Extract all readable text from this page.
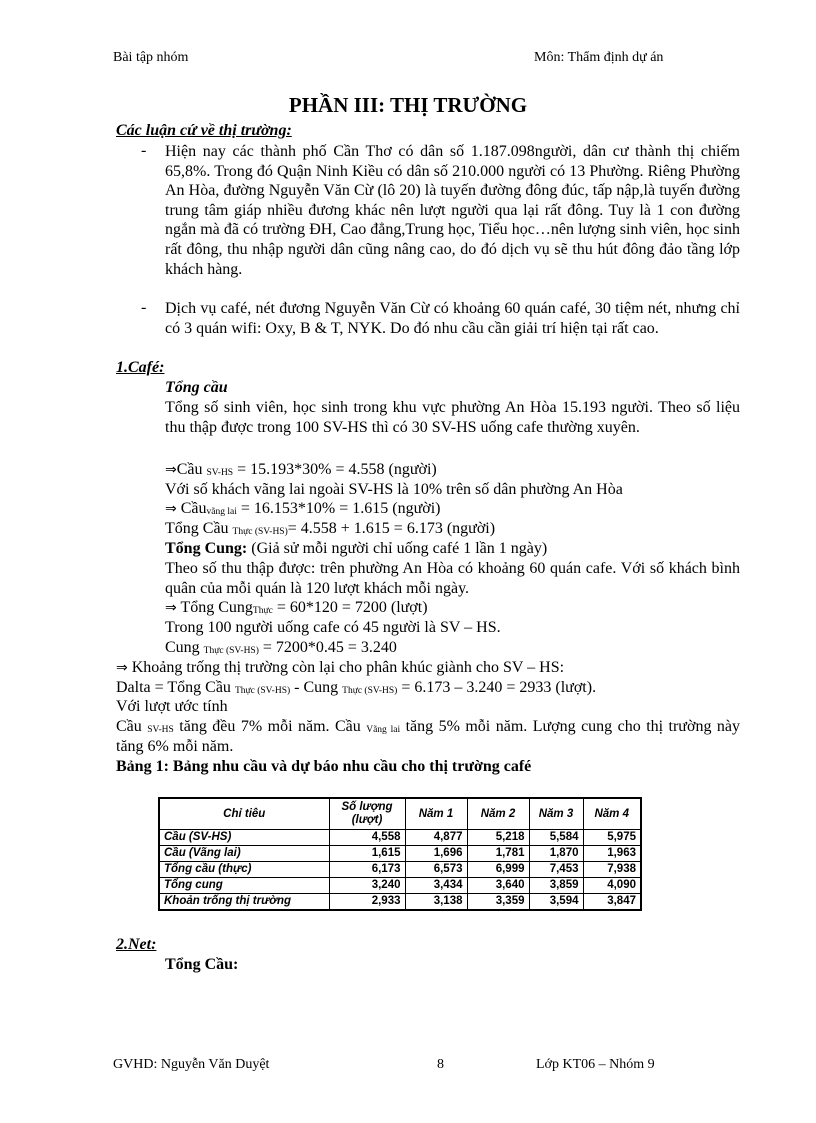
Bài tập nhóm	Môn: Thẩm định dự án
PHẦN III: THỊ TRƯỜNG
Các luận cứ về thị trường:
- Hiện nay các thành phố Cần Thơ có dân số 1.187.098người, dân cư thành thị chiếm 65,8%. Trong đó Quận Ninh Kiều có dân số 210.000 người có 13 Phường. Riêng Phường An Hòa, đường Nguyễn Văn Cừ (lô 20) là tuyến đường đông đúc, tấp nập,là tuyến đường trung tâm giáp nhiều đương khác nên lượt người qua lại rất đông. Tuy là 1 con đường ngắn mà đã có trường ĐH, Cao đẳng,Trung học, Tiểu học…nên lượng sinh viên, học sinh rất đông, thu nhập người dân cũng nâng cao, do đó dịch vụ sẽ thu hút đông đảo tầng lớp khách hàng.
- Dịch vụ café, nét đương Nguyễn Văn Cừ có khoảng 60 quán café, 30 tiệm nét, nhưng chỉ có 3 quán wifi: Oxy, B & T, NYK. Do đó nhu cầu cần giải trí hiện tại rất cao.
1.Café:
Tổng cầu
Tổng số sinh viên, học sinh trong khu vực phường An Hòa 15.193 người. Theo số liệu thu thập được trong 100 SV-HS thì có 30 SV-HS uống cafe thường xuyên.
⇒Cầu $_{SV-HS}$ = 15.193*30% = 4.558 (người)
Với số khách vãng lai ngoài SV-HS là 10% trên số dân phường An Hòa
⇒ Cầu$_{vãng lai}$ = 16.153*10% = 1.615 (người)
Tổng Cầu $_{Thực (SV-HS)}$= 4.558 + 1.615 = 6.173 (người)
Tổng Cung: (Giả sử mỗi người chỉ uống café 1 lần 1 ngày)
Theo số thu thập được: trên phường An Hòa có khoảng 60 quán cafe. Với số khách bình quân của mỗi quán là 120 lượt khách mỗi ngày.
⇒ Tổng Cung$_{Thực}$ = 60*120 = 7200 (lượt)
Trong 100 người uống cafe có 45 người là SV – HS.
Cung $_{Thực (SV-HS)}$ = 7200*0.45 = 3.240
⇒ Khoảng trống thị trường còn lại cho phân khúc giành cho SV – HS:
Dalta = Tổng Cầu $_{Thực (SV-HS)}$ - Cung $_{Thực (SV-HS)}$ = 6.173 – 3.240 = 2933 (lượt).
Với lượt ước tính
Cầu $_{SV-HS}$ tăng đều 7% mỗi năm. Cầu $_{Vãng lai}$ tăng 5% mỗi năm. Lượng cung cho thị trường này tăng 6% mỗi năm.
Bảng 1: Bảng nhu cầu và dự báo nhu cầu cho thị trường café
Chỉ tiêu	Số lượng (lượt)	Năm 1	Năm 2	Năm 3	Năm 4
Cầu (SV-HS)	4,558	4,877	5,218	5,584	5,975
Cầu (Vãng lai)	1,615	1,696	1,781	1,870	1,963
Tổng cầu (thực)	6,173	6,573	6,999	7,453	7,938
Tổng cung	3,240	3,434	3,640	3,859	4,090
Khoản trống thị trường	2,933	3,138	3,359	3,594	3,847
2.Net:
Tổng Cầu:
GVHD: Nguyễn Văn Duyệt	8	Lớp KT06 – Nhóm 9
